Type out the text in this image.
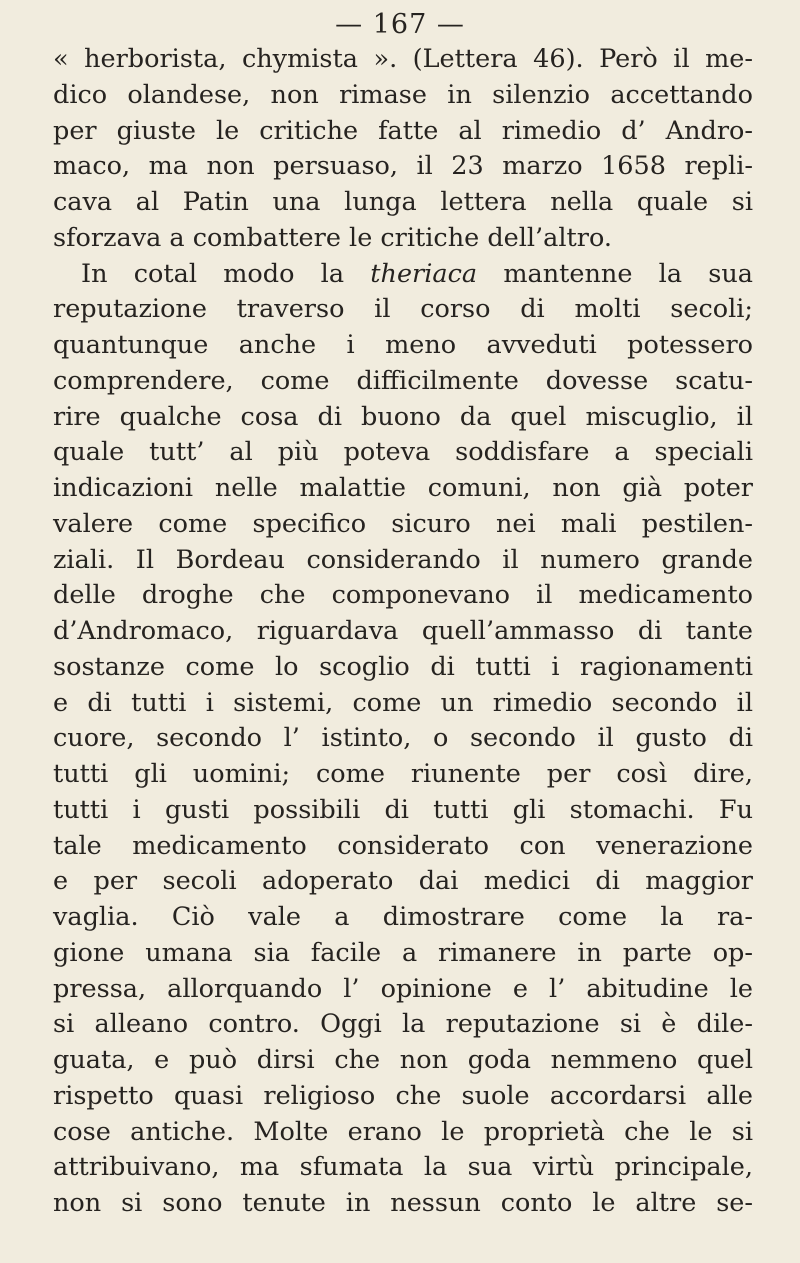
— 167 —
« herborista, chymista ». (Lettera 46). Però il me-
dico olandese, non rimase in silenzio accettando
per giuste le critiche fatte al rimedio d’ Andro-
maco, ma non persuaso, il 23 marzo 1658 repli-
cava al Patin una lunga lettera nella quale si
sforzava a combattere le critiche dell’altro.
In cotal modo la theriaca mantenne la sua
reputazione traverso il corso di molti secoli;
quantunque anche i meno avveduti potessero
comprendere, come difficilmente dovesse scatu-
rire qualche cosa di buono da quel miscuglio, il
quale tutt’ al più poteva soddisfare a speciali
indicazioni nelle malattie comuni, non già poter
valere come specifico sicuro nei mali pestilen-
ziali. Il Bordeau considerando il numero grande
delle droghe che componevano il medicamento
d’Andromaco, riguardava quell’ammasso di tante
sostanze come lo scoglio di tutti i ragionamenti
e di tutti i sistemi, come un rimedio secondo il
cuore, secondo l’ istinto, o secondo il gusto di
tutti gli uomini; come riunente per così dire,
tutti i gusti possibili di tutti gli stomachi. Fu
tale medicamento considerato con venerazione
e per secoli adoperato dai medici di maggior
vaglia. Ciò vale a dimostrare come la ra-
gione umana sia facile a rimanere in parte op-
pressa, allorquando l’ opinione e l’ abitudine le
si alleano contro. Oggi la reputazione si è dile-
guata, e può dirsi che non goda nemmeno quel
rispetto quasi religioso che suole accordarsi alle
cose antiche. Molte erano le proprietà che le si
attribuivano, ma sfumata la sua virtù principale,
non si sono tenute in nessun conto le altre se-
